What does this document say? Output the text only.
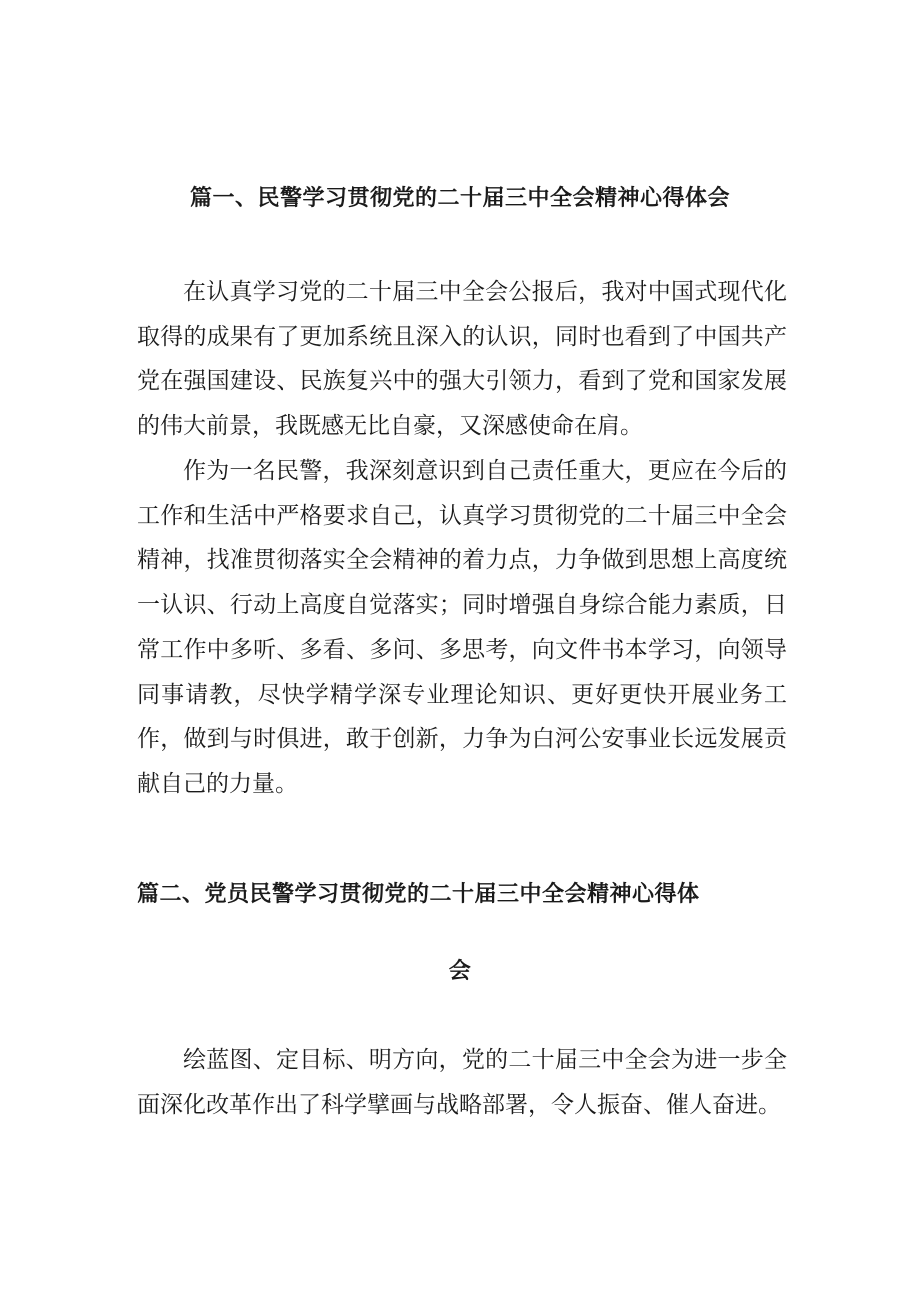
篇一、民警学习贯彻党的二十届三中全会精神心得体会

在认真学习党的二十届三中全会公报后，我对中国式现代化取得的成果有了更加系统且深入的认识，同时也看到了中国共产党在强国建设、民族复兴中的强大引领力，看到了党和国家发展的伟大前景，我既感无比自豪，又深感使命在肩。

作为一名民警，我深刻意识到自己责任重大，更应在今后的工作和生活中严格要求自己，认真学习贯彻党的二十届三中全会精神，找准贯彻落实全会精神的着力点，力争做到思想上高度统一认识、行动上高度自觉落实；同时增强自身综合能力素质，日常工作中多听、多看、多问、多思考，向文件书本学习，向领导同事请教，尽快学精学深专业理论知识、更好更快开展业务工作，做到与时俱进，敢于创新，力争为白河公安事业长远发展贡献自己的力量。

篇二、党员民警学习贯彻党的二十届三中全会精神心得体
会

绘蓝图、定目标、明方向，党的二十届三中全会为进一步全面深化改革作出了科学擘画与战略部署，令人振奋、催人奋进。
